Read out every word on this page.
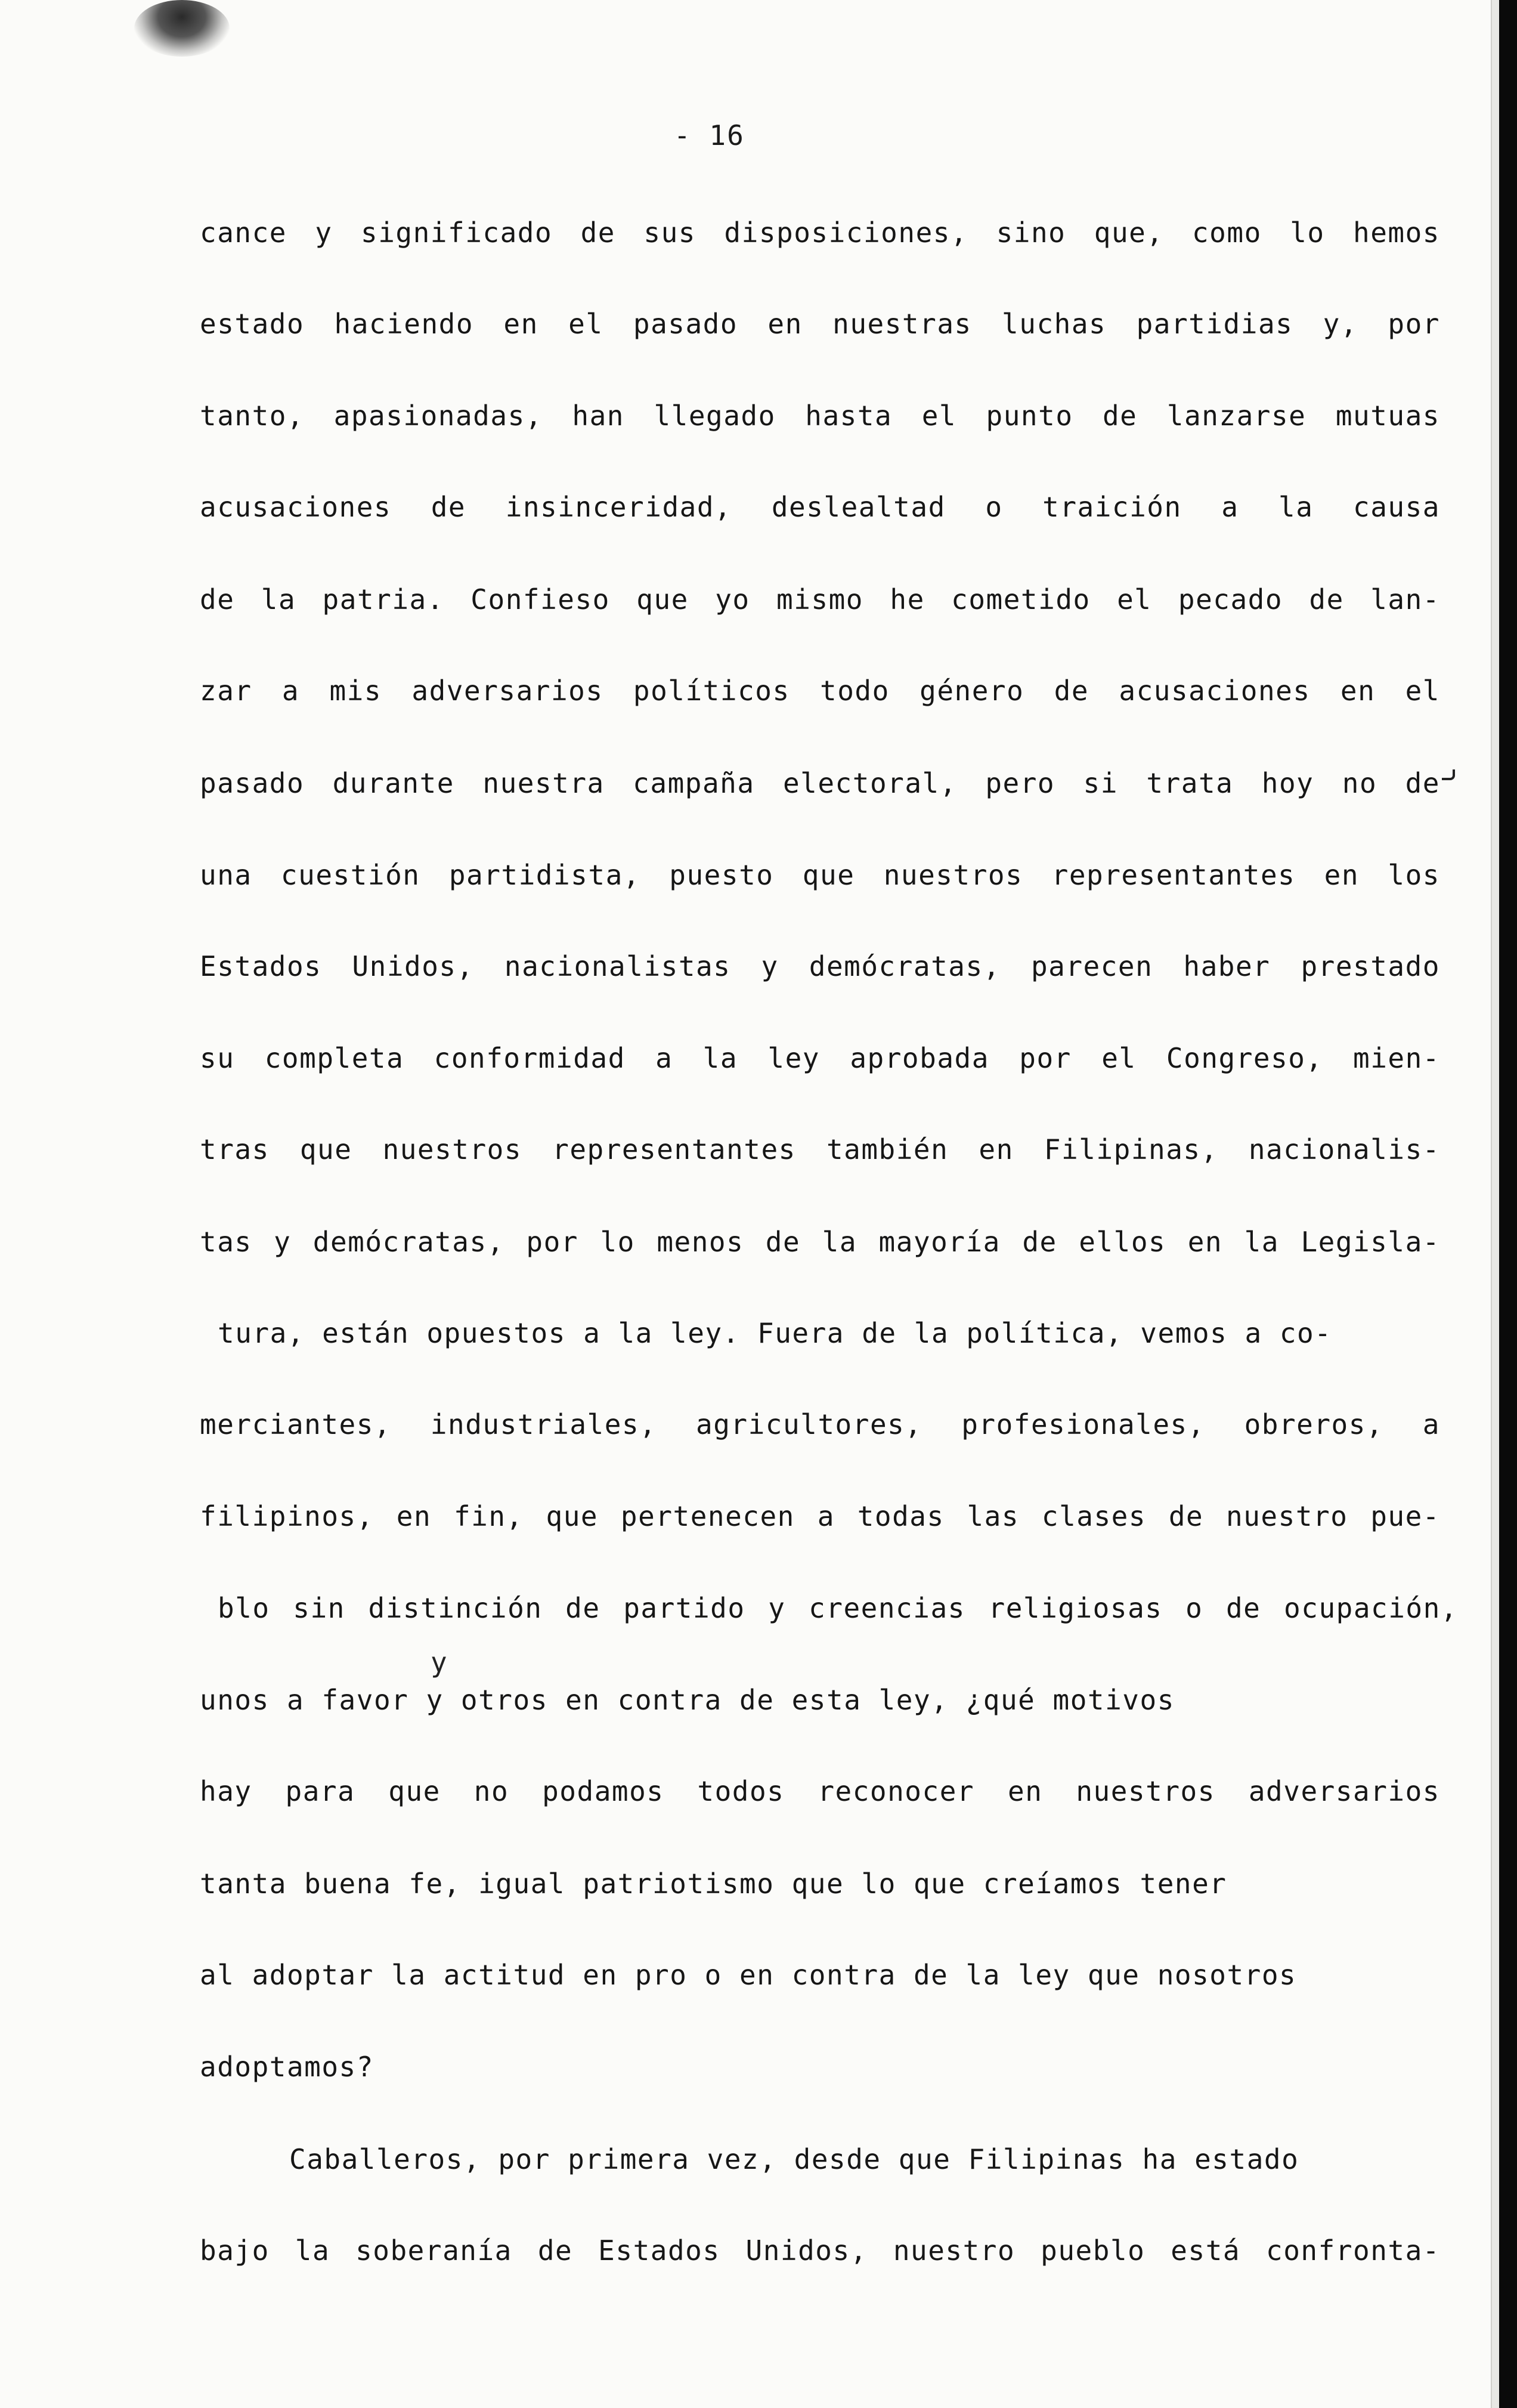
- 16
cance y significado de sus disposiciones, sino que, como lo hemos
estado haciendo en el pasado en nuestras luchas partidias y, por
tanto, apasionadas, han llegado hasta el punto de lanzarse mutuas
acusaciones de insinceridad, deslealtad o traición a la causa
de la patria. Confieso que yo mismo he cometido el pecado de lan-
zar a mis adversarios políticos todo género de acusaciones en el
pasado durante nuestra campaña electoral, pero si trata hoy no de
una cuestión partidista, puesto que nuestros representantes en los
Estados Unidos, nacionalistas y demócratas, parecen haber prestado
su completa conformidad a la ley aprobada por el Congreso, mien-
tras que nuestros representantes también en Filipinas, nacionalis-
tas y demócratas, por lo menos de la mayoría de ellos en la Legisla-
tura, están opuestos a la ley. Fuera de la política, vemos a co-
merciantes, industriales, agricultores, profesionales, obreros, a
filipinos, en fin, que pertenecen a todas las clases de nuestro pue-
blo sin distinción de partido y creencias religiosas o de ocupación,
y
unos a favor y otros en contra de esta ley, ¿qué motivos
hay para que no podamos todos reconocer en nuestros adversarios
tanta buena fe, igual patriotismo que lo que creíamos tener
al adoptar la actitud en pro o en contra de la ley que nosotros
adoptamos?
Caballeros, por primera vez, desde que Filipinas ha estado
bajo la soberanía de Estados Unidos, nuestro pueblo está confronta-
